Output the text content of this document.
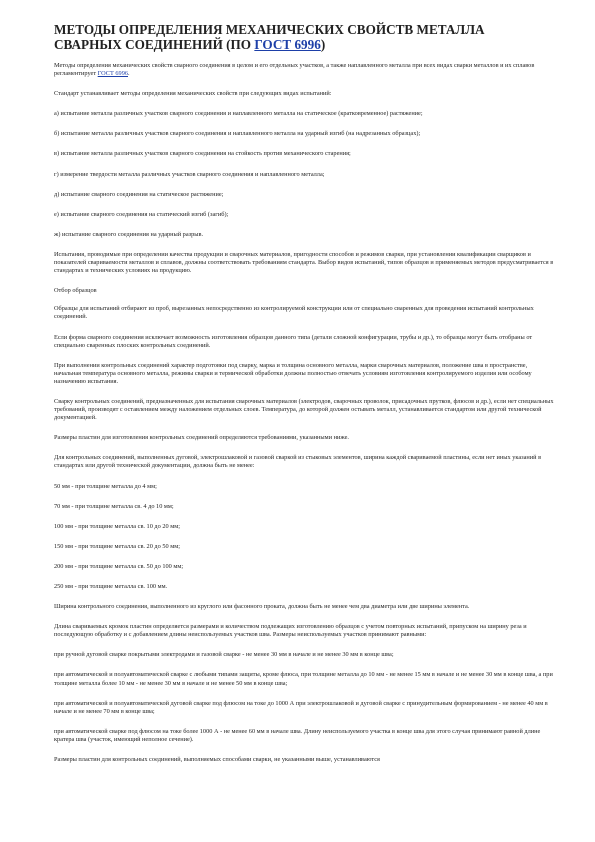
МЕТОДЫ ОПРЕДЕЛЕНИЯ МЕХАНИЧЕСКИХ СВОЙСТВ МЕТАЛЛА СВАРНЫХ СОЕДИНЕНИЙ (ПО ГОСТ 6996)

Методы определения механических свойств сварного соединения в целом и его отдельных участков, а также наплавленного металла при всех видах сварки металлов и их сплавов регламентирует ГОСТ 6996.

Стандарт устанавливает методы определения механических свойств при следующих видах испытаний:

а) испытание металла различных участков сварного соединения и наплавленного металла на статическое (кратковременное) растяжение;

б) испытание металла различных участков сварного соединения и наплавленного металла на ударный изгиб (на надрезанных образцах);

в) испытание металла различных участков сварного соединения на стойкость против механического старения;

г) измерение твердости металла различных участков сварного соединения и наплавленного металла;

д) испытание сварного соединения на статическое растяжение;

е) испытание сварного соединения на статический изгиб (загиб);

ж) испытание сварного соединения на ударный разрыв.

Испытания, проводимые при определении качества продукции и сварочных материалов, пригодности способов и режимов сварки, при установлении квалификации сварщиков и показателей свариваемости металлов и сплавов, должны соответствовать требованиям стандарта. Выбор видов испытаний, типов образцов и применяемых методов предусматривается в стандартах и технических условиях на продукцию.

Отбор образцов

Образцы для испытаний отбирают из проб, вырезанных непосредственно из контролируемой конструкции или от специально сваренных для проведения испытаний контрольных соединений.

Если форма сварного соединения исключает возможность изготовления образцов данного типа (детали сложной конфигурации, трубы и др.), то образцы могут быть отобраны от специально сваренных плоских контрольных соединений.

При выполнении контрольных соединений характер подготовки под сварку, марка и толщина основного металла, марки сварочных материалов, положение шва в пространстве, начальная температура основного металла, режимы сварки и термической обработки должны полностью отвечать условиям изготовления контролируемого изделия или особому назначению испытания.

Сварку контрольных соединений, предназначенных для испытания сварочных материалов (электродов, сварочных проволок, присадочных прутков, флюсов и др.), если нет специальных требований, производят с оставлением между наложением отдельных слоев. Температура, до которой должен остывать металл, устанавливается стандартом или другой технической документацией.

Размеры пластин для изготовления контрольных соединений определяются требованиями, указанными ниже.

Для контрольных соединений, выполненных дуговой, электрошлаковой и газовой сваркой из стыковых элементов, ширина каждой свариваемой пластины, если нет иных указаний в стандартах или другой технической документации, должна быть не менее:

50 мм - при толщине металла до 4 мм;

70 мм - при толщине металла св. 4 до 10 мм;

100 мм - при толщине металла св. 10 до 20 мм;

150 мм - при толщине металла св. 20 до 50 мм;

200 мм - при толщине металла св. 50 до 100 мм;

250 мм - при толщине металла св. 100 мм.

Ширина контрольного соединения, выполненного из круглого или фасонного проката, должна быть не менее чем два диаметра или две ширины элемента.

Длина свариваемых кромок пластин определяется размерами и количеством подлежащих изготовлению образцов с учетом повторных испытаний, припуском на ширину реза и последующую обработку и с добавлением длины неиспользуемых участков шва. Размеры неиспользуемых участков принимают равными:

при ручной дуговой сварке покрытыми электродами и газовой сварке - не менее 30 мм в начале и не менее 30 мм в конце шва;

при автоматической и полуавтоматической сварке с любыми типами защиты, кроме флюса, при толщине металла до 10 мм - не менее 15 мм в начале и не менее 30 мм в конце шва, а при толщине металла более 10 мм - не менее 30 мм в начале и не менее 50 мм в конце шва;

при автоматической и полуавтоматической дуговой сварке под флюсом на токе до 1000 А при электрошлаковой и дуговой сварке с принудительным формированием - не менее 40 мм в начале и не менее 70 мм в конце шва;

при автоматической сварке под флюсом на токе более 1000 А - не менее 60 мм в начале шва. Длину неиспользуемого участка в конце шва для этого случая принимают равной длине кратера шва (участок, имеющий неполное сечение).

Размеры пластин для контрольных соединений, выполняемых способами сварки, не указанными выше, устанавливаются
